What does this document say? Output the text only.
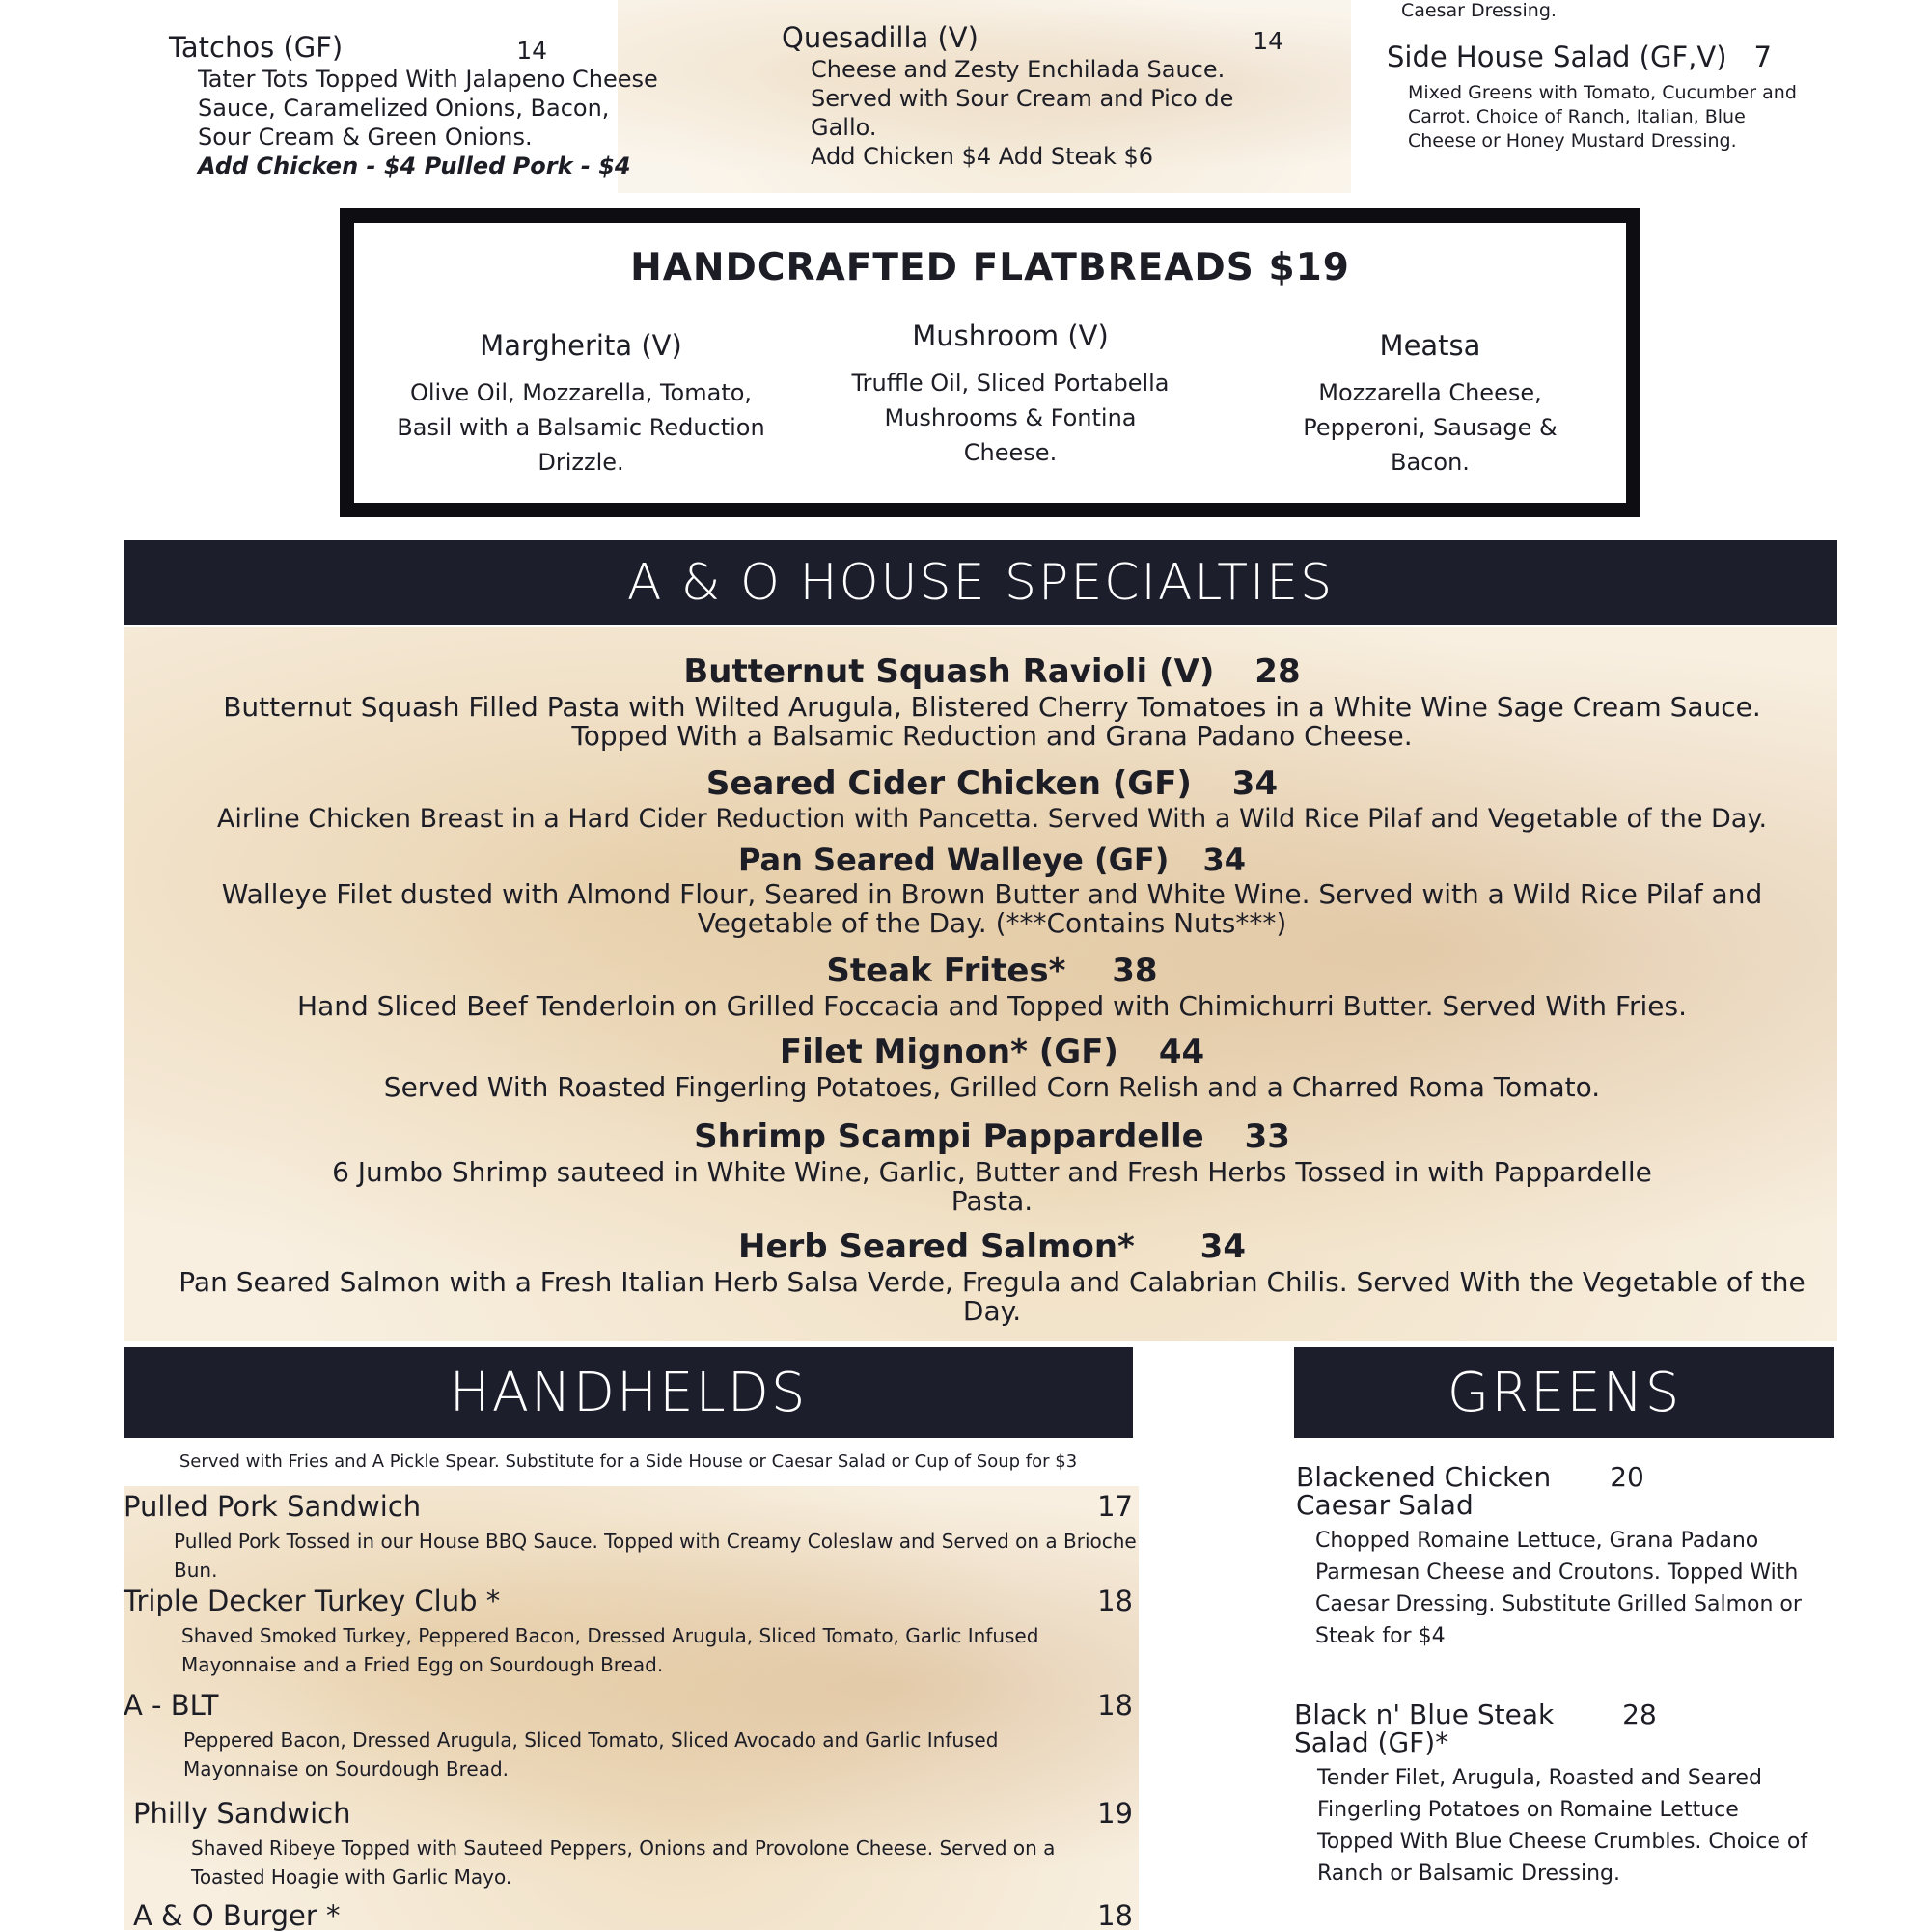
Tatchos (GF)	14
Tater Tots Topped With Jalapeno Cheese Sauce, Caramelized Onions, Bacon, Sour Cream & Green Onions.
Add Chicken - $4 Pulled Pork - $4
Quesadilla (V)	14
Cheese and Zesty Enchilada Sauce. Served with Sour Cream and Pico de Gallo.
Add Chicken $4 Add Steak $6
Caesar Dressing.
Side House Salad (GF,V) 7
Mixed Greens with Tomato, Cucumber and Carrot. Choice of Ranch, Italian, Blue Cheese or Honey Mustard Dressing.
HANDCRAFTED FLATBREADS $19
Margherita (V)
Olive Oil, Mozzarella, Tomato, Basil with a Balsamic Reduction Drizzle.
Mushroom (V)
Truffle Oil, Sliced Portabella Mushrooms & Fontina Cheese.
Meatsa
Mozzarella Cheese, Pepperoni, Sausage & Bacon.
A & O HOUSE SPECIALTIES
Butternut Squash Ravioli (V) 28
Butternut Squash Filled Pasta with Wilted Arugula, Blistered Cherry Tomatoes in a White Wine Sage Cream Sauce. Topped With a Balsamic Reduction and Grana Padano Cheese.
Seared Cider Chicken (GF) 34
Airline Chicken Breast in a Hard Cider Reduction with Pancetta. Served With a Wild Rice Pilaf and Vegetable of the Day.
Pan Seared Walleye (GF) 34
Walleye Filet dusted with Almond Flour, Seared in Brown Butter and White Wine. Served with a Wild Rice Pilaf and Vegetable of the Day. (***Contains Nuts***)
Steak Frites* 38
Hand Sliced Beef Tenderloin on Grilled Foccacia and Topped with Chimichurri Butter. Served With Fries.
Filet Mignon* (GF) 44
Served With Roasted Fingerling Potatoes, Grilled Corn Relish and a Charred Roma Tomato.
Shrimp Scampi Pappardelle 33
6 Jumbo Shrimp sauteed in White Wine, Garlic, Butter and Fresh Herbs Tossed in with Pappardelle Pasta.
Herb Seared Salmon* 34
Pan Seared Salmon with a Fresh Italian Herb Salsa Verde, Fregula and Calabrian Chilis. Served With the Vegetable of the Day.
HANDHELDS
Served with Fries and A Pickle Spear. Substitute for a Side House or Caesar Salad or Cup of Soup for $3
Pulled Pork Sandwich	17
Pulled Pork Tossed in our House BBQ Sauce. Topped with Creamy Coleslaw and Served on a Brioche Bun.
Triple Decker Turkey Club *	18
Shaved Smoked Turkey, Peppered Bacon, Dressed Arugula, Sliced Tomato, Garlic Infused Mayonnaise and a Fried Egg on Sourdough Bread.
A - BLT	18
Peppered Bacon, Dressed Arugula, Sliced Tomato, Sliced Avocado and Garlic Infused Mayonnaise on Sourdough Bread.
Philly Sandwich	19
Shaved Ribeye Topped with Sauteed Peppers, Onions and Provolone Cheese. Served on a Toasted Hoagie with Garlic Mayo.
A & O Burger *	18
GREENS
Blackened Chicken 20
Caesar Salad
Chopped Romaine Lettuce, Grana Padano Parmesan Cheese and Croutons. Topped With Caesar Dressing. Substitute Grilled Salmon or Steak for $4
Black n' Blue Steak	28
Salad (GF)*
Tender Filet, Arugula, Roasted and Seared Fingerling Potatoes on Romaine Lettuce Topped With Blue Cheese Crumbles. Choice of Ranch or Balsamic Dressing.
